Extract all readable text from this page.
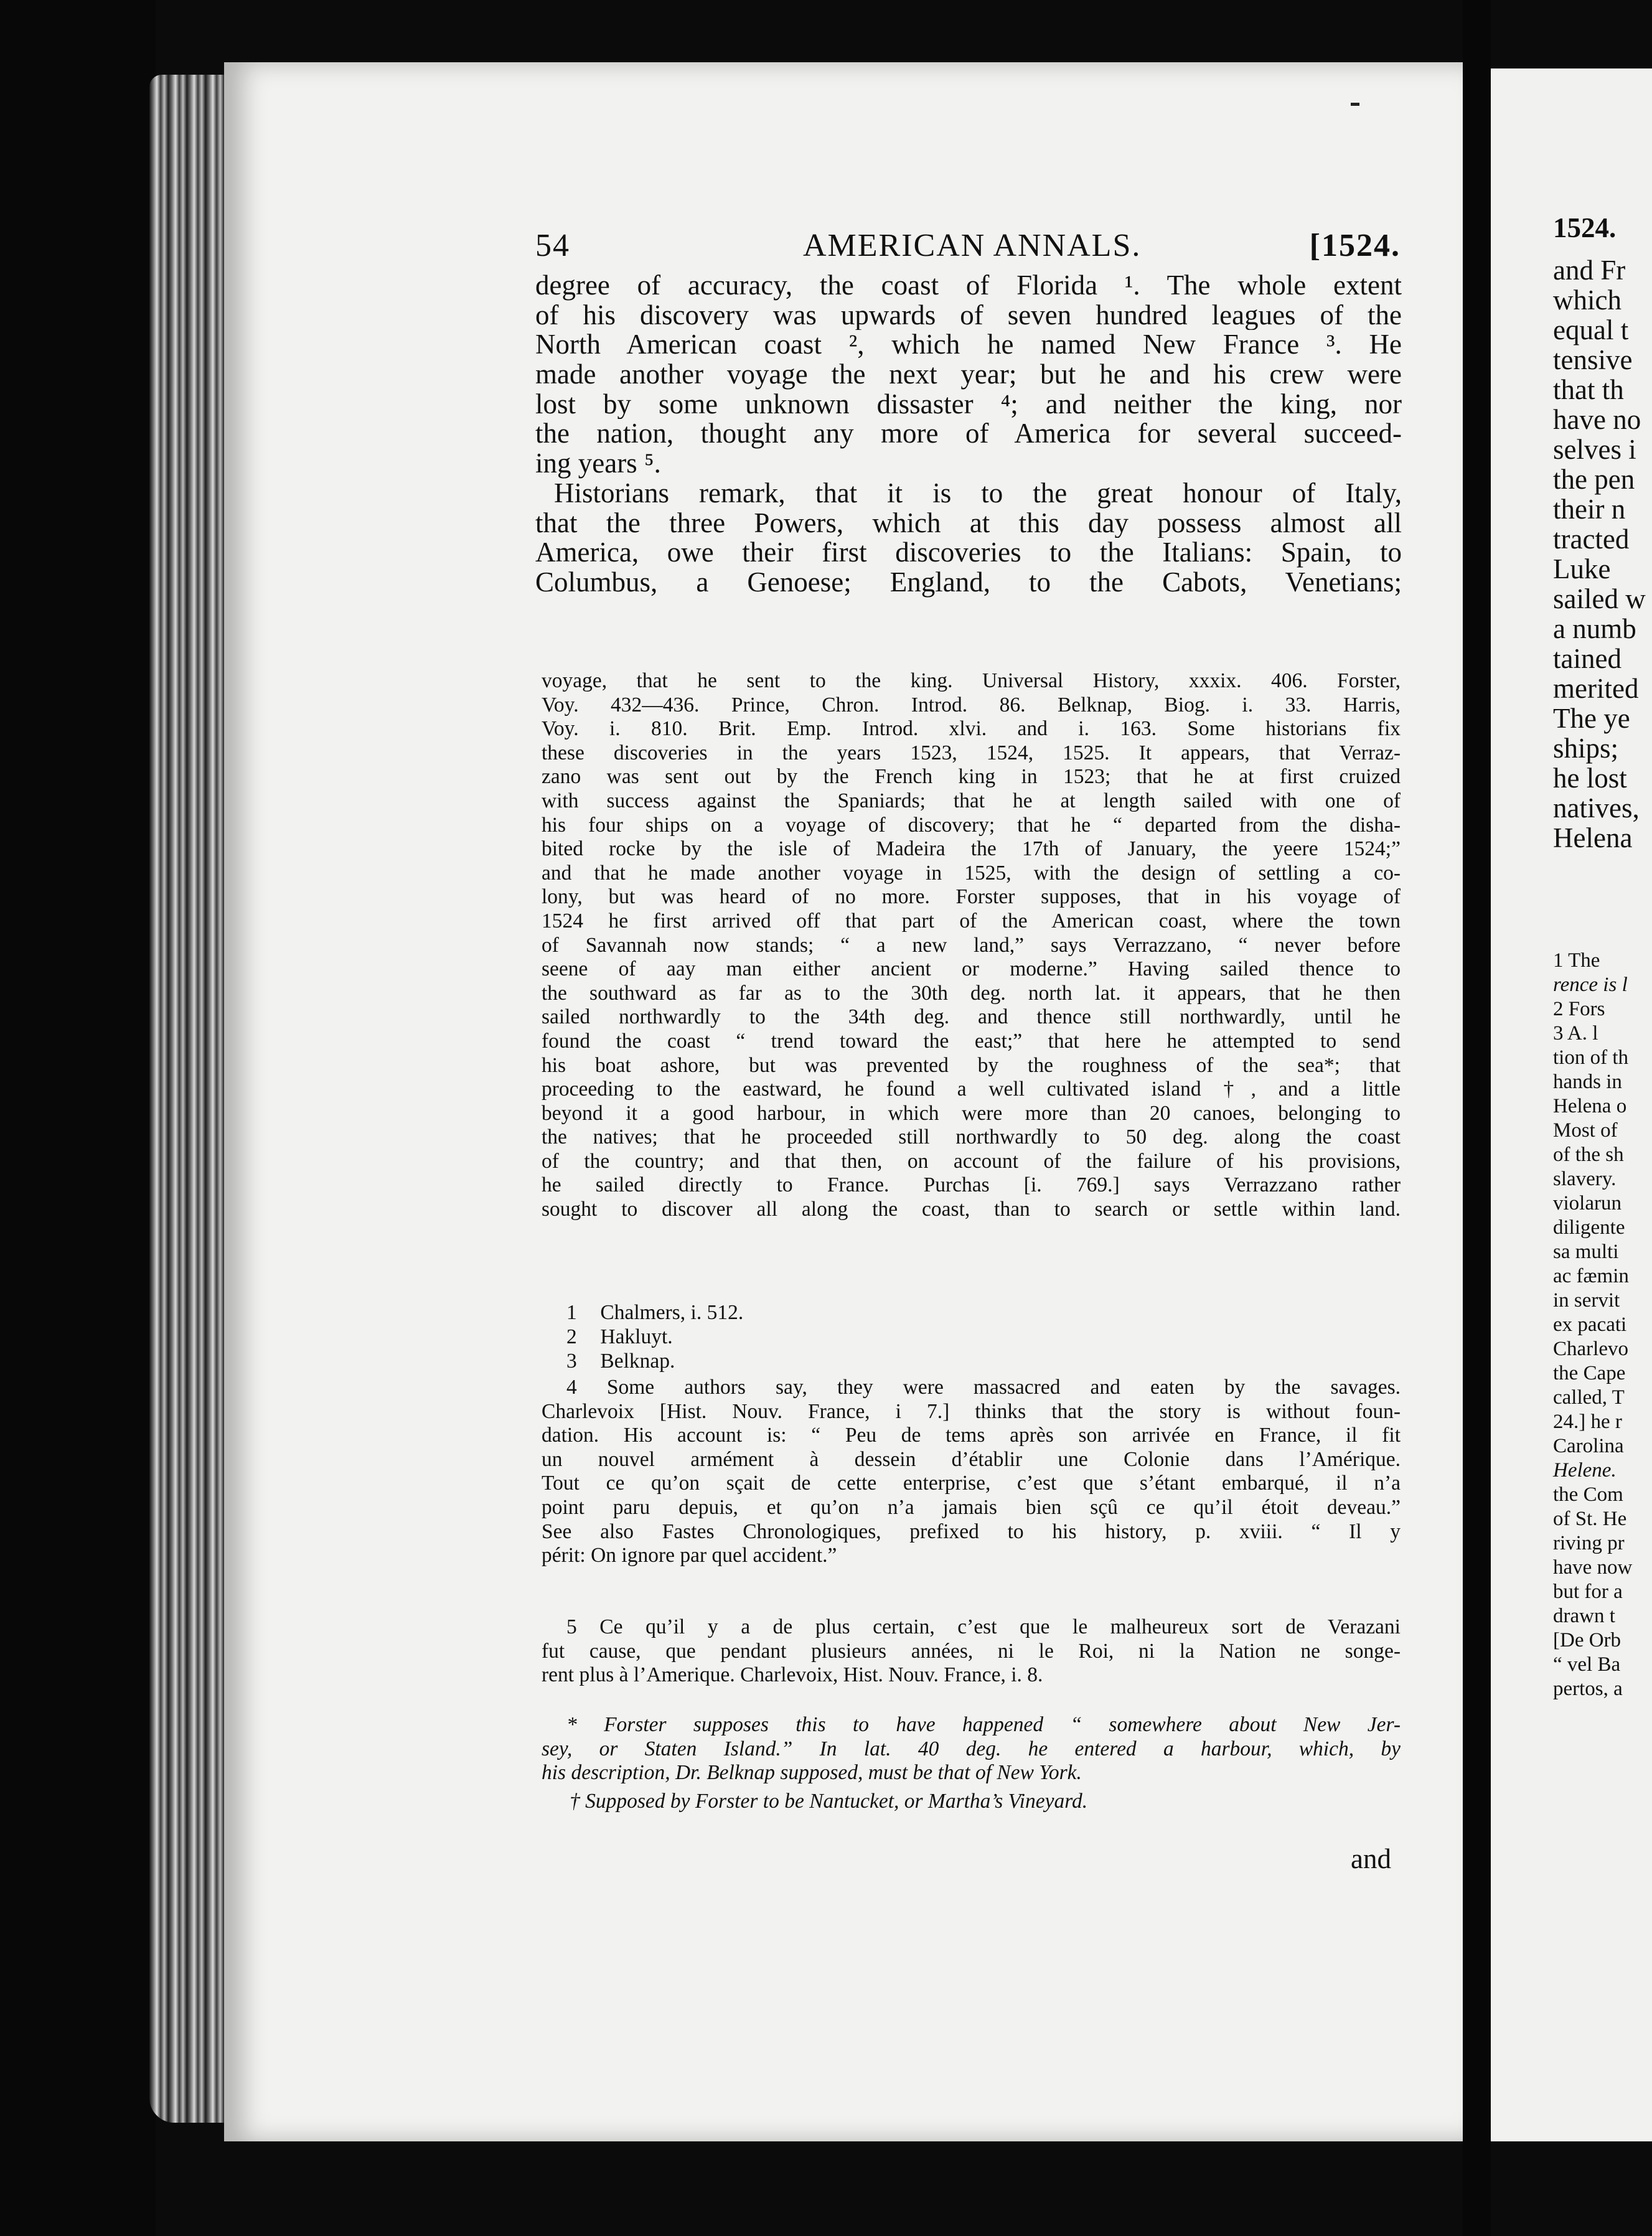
54	AMERICAN ANNALS.	[1524.
degree of accuracy, the coast of Florida ¹. The whole extent
of his discovery was upwards of seven hundred leagues of the
North American coast ², which he named New France ³. He
made another voyage the next year; but he and his crew were
lost by some unknown dissaster ⁴; and neither the king, nor
the nation, thought any more of America for several succeed-
ing years ⁵.
Historians remark, that it is to the great honour of Italy,
that the three Powers, which at this day possess almost all
America, owe their first discoveries to the Italians: Spain, to
Columbus, a Genoese; England, to the Cabots, Venetians;
voyage, that he sent to the king. Universal History, xxxix. 406. Forster,
Voy. 432—436. Prince, Chron. Introd. 86. Belknap, Biog. i. 33. Harris,
Voy. i. 810. Brit. Emp. Introd. xlvi. and i. 163. Some historians fix
these discoveries in the years 1523, 1524, 1525. It appears, that Verraz-
zano was sent out by the French king in 1523; that he at first cruized
with success against the Spaniards; that he at length sailed with one of
his four ships on a voyage of discovery; that he “ departed from the disha-
bited rocke by the isle of Madeira the 17th of January, the yeere 1524;”
and that he made another voyage in 1525, with the design of settling a co-
lony, but was heard of no more. Forster supposes, that in his voyage of
1524 he first arrived off that part of the American coast, where the town
of Savannah now stands; “ a new land,” says Verrazzano, “ never before
seene of aay man either ancient or moderne.” Having sailed thence to
the southward as far as to the 30th deg. north lat. it appears, that he then
sailed northwardly to the 34th deg. and thence still northwardly, until he
found the coast “ trend toward the east;” that here he attempted to send
his boat ashore, but was prevented by the roughness of the sea*; that
proceeding to the eastward, he found a well cultivated island †, and a little
beyond it a good harbour, in which were more than 20 canoes, belonging to
the natives; that he proceeded still northwardly to 50 deg. along the coast
of the country; and that then, on account of the failure of his provisions,
he sailed directly to France. Purchas [i. 769.] says Verrazzano rather
sought to discover all along the coast, than to search or settle within land.
1 Chalmers, i. 512.
2 Hakluyt.
3 Belknap.
4 Some authors say, they were massacred and eaten by the savages.
Charlevoix [Hist. Nouv. France, i 7.] thinks that the story is without foun-
dation. His account is: “ Peu de tems après son arrivée en France, il fit
un nouvel armément à dessein d’établir une Colonie dans l’Amérique.
Tout ce qu’on sçait de cette enterprise, c’est que s’étant embarqué, il n’a
point paru depuis, et qu’on n’a jamais bien sçû ce qu’il étoit deveau.”
See also Fastes Chronologiques, prefixed to his history, p. xviii. “ Il y
périt: On ignore par quel accident.”
5 Ce qu’il y a de plus certain, c’est que le malheureux sort de Verazani
fut cause, que pendant plusieurs années, ni le Roi, ni la Nation ne songe-
rent plus à l’Amerique. Charlevoix, Hist. Nouv. France, i. 8.
* Forster supposes this to have happened “ somewhere about New Jer-
sey, or Staten Island.” In lat. 40 deg. he entered a harbour, which, by
his description, Dr. Belknap supposed, must be that of New York.
† Supposed by Forster to be Nantucket, or Martha’s Vineyard.
and
1524.
and Fr
which
equal t
tensive
that th
have no
selves i
the pen
their n
tracted
Luke
sailed w
a numb
tained
merited
The ye
ships;
he lost
natives,
Helena
1 The
rence is l
2 Fors
3 A. l
tion of th
hands in
Helena o
Most of
of the sh
slavery.
violarun
diligente
sa multi
ac fæmin
in servit
ex pacati
Charlevo
the Cape
called, T
24.] he r
Carolina
Helene.
the Com
of St. He
riving pr
have now
but for a
drawn t
[De Orb
“ vel Ba
pertos, a
